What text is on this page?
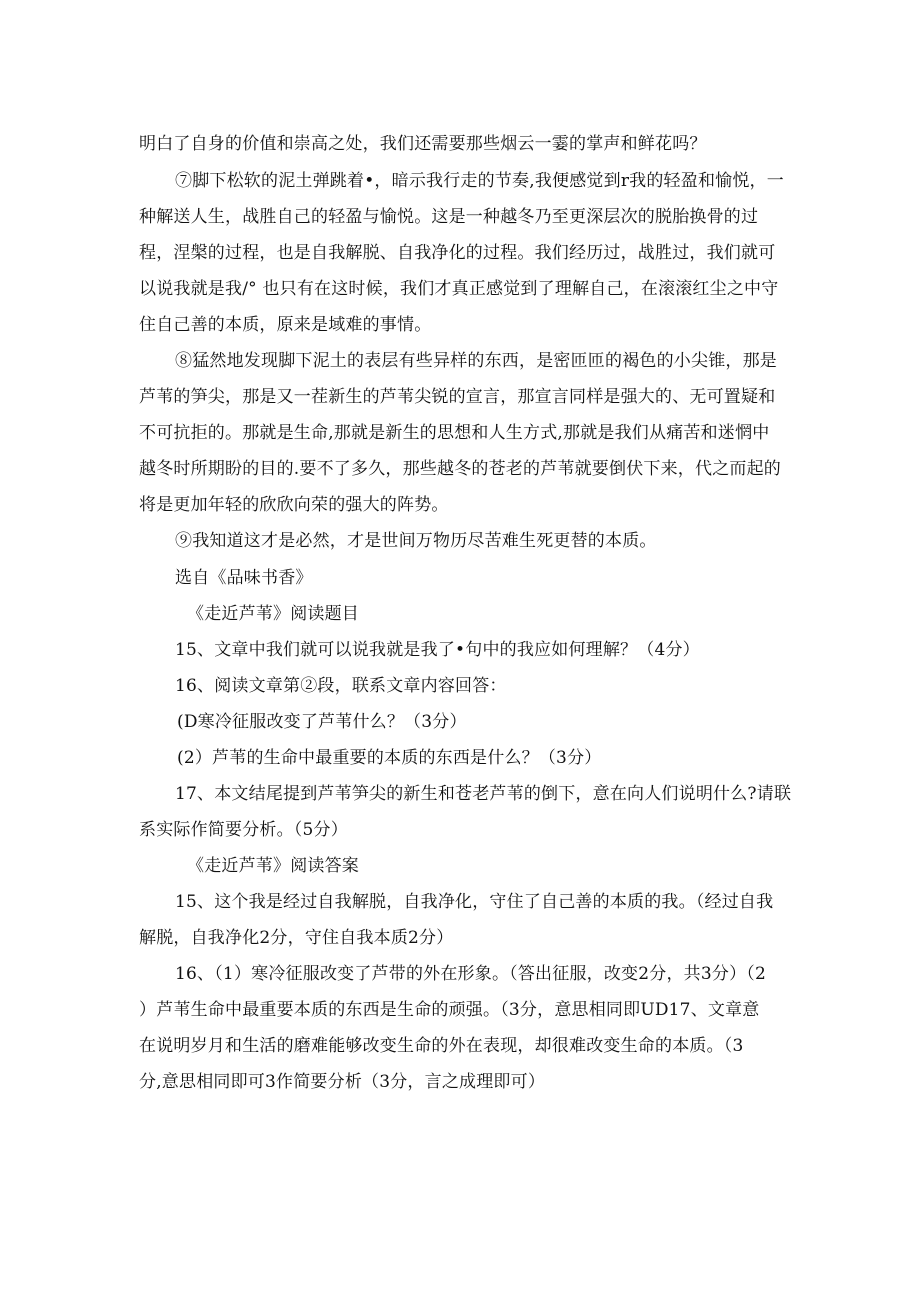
明白了自身的价值和崇高之处，我们还需要那些烟云一霎的掌声和鲜花吗？
⑦脚下松软的泥土弹跳着•，暗示我行走的节奏,我便感觉到r我的轻盈和愉悦，一
种解送人生，战胜自己的轻盈与愉悦。这是一种越冬乃至更深层次的脱胎换骨的过
程，涅槃的过程，也是自我解脱、自我净化的过程。我们经历过，战胜过，我们就可
以说我就是我/° 也只有在这时候，我们才真正感觉到了理解自己，在滚滚红尘之中守
住自己善的本质，原来是域难的事情。
⑧猛然地发现脚下泥土的表层有些异样的东西，是密匝匝的褐色的小尖锥，那是
芦苇的笋尖，那是又一茬新生的芦苇尖锐的宣言，那宣言同样是强大的、无可置疑和
不可抗拒的。那就是生命,那就是新生的思想和人生方式,那就是我们从痛苦和迷惘中
越冬时所期盼的目的.要不了多久，那些越冬的苍老的芦苇就要倒伏下来，代之而起的
将是更加年轻的欣欣向荣的强大的阵势。
⑨我知道这才是必然，才是世间万物历尽苦难生死更替的本质。
选自《品味书香》
《走近芦苇》阅读题目
15、文章中我们就可以说我就是我了•句中的我应如何理解？（4分）
16、阅读文章第②段，联系文章内容回答：
(D寒冷征服改变了芦苇什么？（3分）
(2）芦苇的生命中最重要的本质的东西是什么？（3分）
17、本文结尾提到芦苇笋尖的新生和苍老芦苇的倒下，意在向人们说明什么?请联
系实际作简要分析。（5分）
《走近芦苇》阅读答案
15、这个我是经过自我解脱，自我净化，守住了自己善的本质的我。（经过自我
解脱，自我净化2分，守住自我本质2分）
16、（1）寒冷征服改变了芦带的外在形象。（答出征服，改变2分，共3分）（2
）芦苇生命中最重要本质的东西是生命的顽强。（3分，意思相同即UD17、文章意
在说明岁月和生活的磨难能够改变生命的外在表现，却很难改变生命的本质。（3
分,意思相同即可3作简要分析（3分，言之成理即可）
